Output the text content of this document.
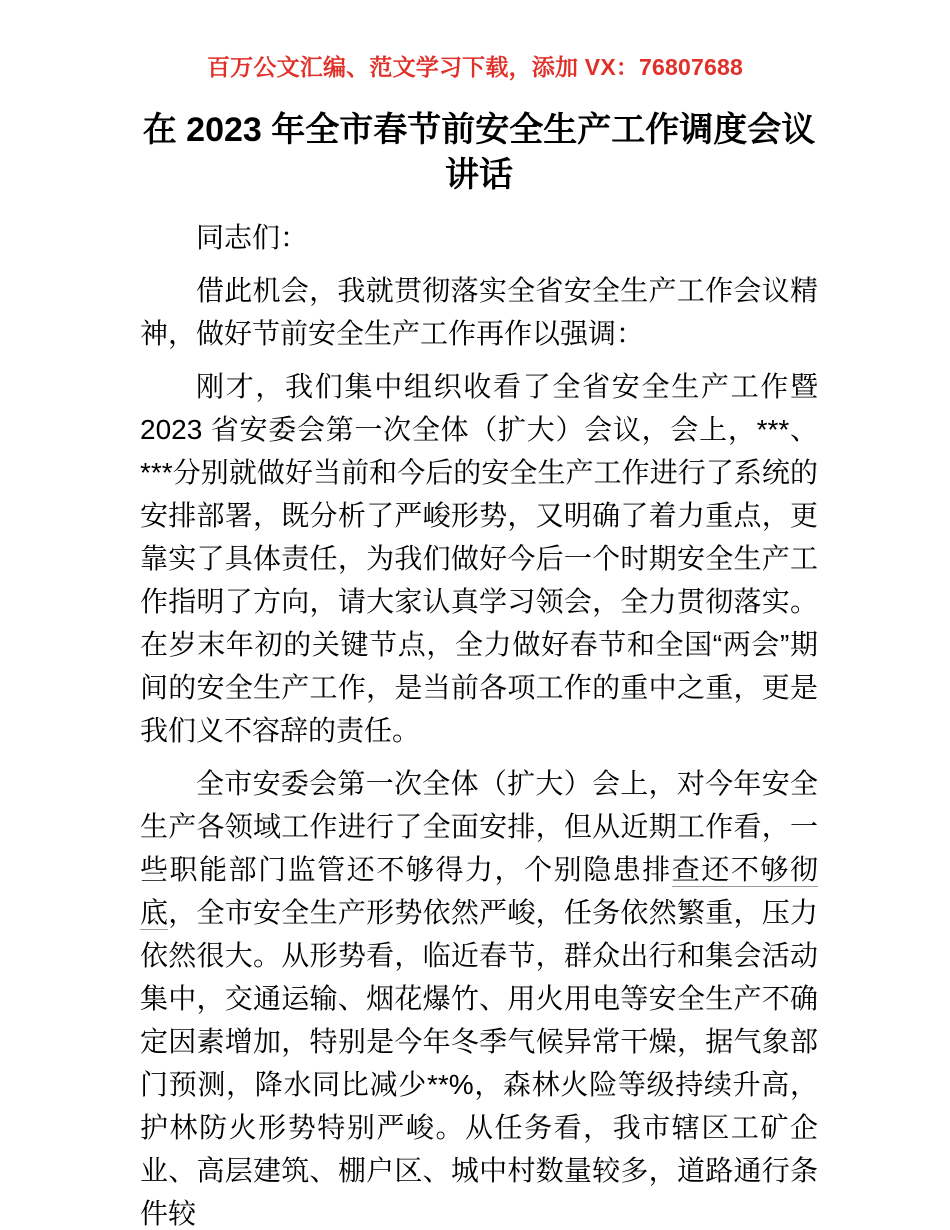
百万公文汇编、范文学习下载，添加 VX：76807688
在 2023 年全市春节前安全生产工作调度会议讲话

同志们：

借此机会，我就贯彻落实全省安全生产工作会议精神，做好节前安全生产工作再作以强调：

刚才，我们集中组织收看了全省安全生产工作暨 2023 省安委会第一次全体（扩大）会议，会上，***、***分别就做好当前和今后的安全生产工作进行了系统的安排部署，既分析了严峻形势，又明确了着力重点，更靠实了具体责任，为我们做好今后一个时期安全生产工作指明了方向，请大家认真学习领会，全力贯彻落实。在岁末年初的关键节点，全力做好春节和全国“两会”期间的安全生产工作，是当前各项工作的重中之重，更是我们义不容辞的责任。

全市安委会第一次全体（扩大）会上，对今年安全生产各领域工作进行了全面安排，但从近期工作看，一些职能部门监管还不够得力，个别隐患排查还不够彻底，全市安全生产形势依然严峻，任务依然繁重，压力依然很大。从形势看，临近春节，群众出行和集会活动集中，交通运输、烟花爆竹、用火用电等安全生产不确定因素增加，特别是今年冬季气候异常干燥，据气象部门预测，降水同比减少**%，森林火险等级持续升高，护林防火形势特别严峻。从任务看，我市辖区工矿企业、高层建筑、棚户区、城中村数量较多，道路通行条件较
